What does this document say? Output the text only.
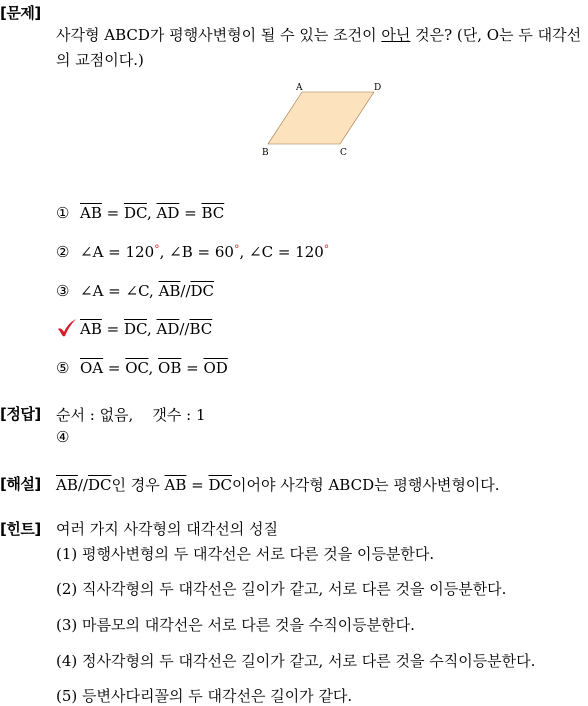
[문제]
사각형 ABCD가 평행사변형이 될 수 있는 조건이 아닌 것은? (단, O는 두 대각선
의 교점이다.)
A	D
B	C
① $\overline{AB} = \overline{DC}$, $\overline{AD} = \overline{BC}$
② ∠A = 120°, ∠B = 60°, ∠C = 120°
③ ∠A = ∠C, $\overline{AB}//\overline{DC}$
$\overline{AB} = \overline{DC}$, $\overline{AD}//\overline{BC}$
⑤ $\overline{OA} = \overline{OC}$, $\overline{OB} = \overline{OD}$
[정답] 순서 : 없음,    갯수 : 1
④
[해설] $\overline{AB}//\overline{DC}$인 경우 $\overline{AB} = \overline{DC}$이어야 사각형 ABCD는 평행사변형이다.
[힌트] 여러 가지 사각형의 대각선의 성질
(1) 평행사변형의 두 대각선은 서로 다른 것을 이등분한다.
(2) 직사각형의 두 대각선은 길이가 같고, 서로 다른 것을 이등분한다.
(3) 마름모의 대각선은 서로 다른 것을 수직이등분한다.
(4) 정사각형의 두 대각선은 길이가 같고, 서로 다른 것을 수직이등분한다.
(5) 등변사다리꼴의 두 대각선은 길이가 같다.
